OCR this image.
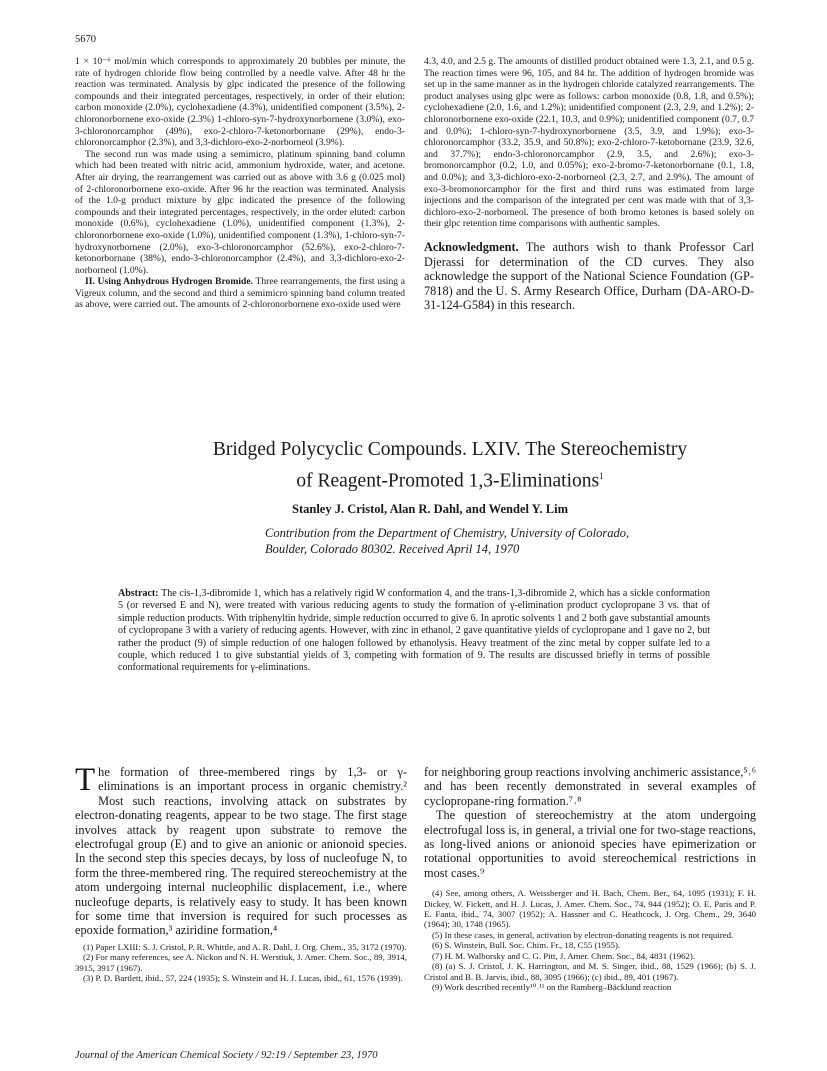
5670

1 × 10⁻⁶ mol/min which corresponds to approximately 20 bubbles per minute, the rate of hydrogen chloride flow being controlled by a needle valve. After 48 hr the reaction was terminated. Analysis by glpc indicated the presence of the following compounds and their integrated percentages, respectively, in order of their elution: carbon monoxide (2.0%), cyclohexadiene (4.3%), unidentified component (3.5%), 2-chloronorbornene exo-oxide (2.3%) 1-chloro-syn-7-hydroxynorbornene (3.0%), exo-3-chloronorcamphor (49%), exo-2-chloro-7-ketonorbornane (29%), endo-3-chloronorcamphor (2.3%), and 3,3-dichloro-exo-2-norborneol (3.9%).

The second run was made using a semimicro, platinum spinning band column which had been treated with nitric acid, ammonium hydroxide, water, and acetone. After air drying, the rearrangement was carried out as above with 3.6 g (0.025 mol) of 2-chloronorbornene exo-oxide. After 96 hr the reaction was terminated. Analysis of the 1.0-g product mixture by glpc indicated the presence of the following compounds and their integrated percentages, respectively, in the order eluted: carbon monoxide (0.6%), cyclohexadiene (1.0%), unidentified component (1.3%), 2-chloronorbornene exo-oxide (1.0%), unidentified component (1.3%), 1-chloro-syn-7-hydroxynorbornene (2.0%), exo-3-chloronorcamphor (52.6%), exo-2-chloro-7-ketonorbornane (38%), endo-3-chloronorcamphor (2.4%), and 3,3-dichloro-exo-2-norborneol (1.0%).

II. Using Anhydrous Hydrogen Bromide. Three rearrangements, the first using a Vigreux column, and the second and third a semimicro spinning band column treated as above, were carried out. The amounts of 2-chloronorbornene exo-oxide used were

4.3, 4.0, and 2.5 g. The amounts of distilled product obtained were 1.3, 2.1, and 0.5 g. The reaction times were 96, 105, and 84 hr. The addition of hydrogen bromide was set up in the same manner as in the hydrogen chloride catalyzed rearrangements. The product analyses using glpc were as follows: carbon monoxide (0.8, 1.8, and 0.5%); cyclohexadiene (2.0, 1.6, and 1.2%); unidentified component (2.3, 2.9, and 1.2%); 2-chloronorbornene exo-oxide (22.1, 10.3, and 0.9%); unidentified component (0.7, 0.7 and 0.0%); 1-chloro-syn-7-hydroxynorbornene (3.5, 3.9, and 1.9%); exo-3-chloronorcamphor (33.2, 35.9, and 50.8%); exo-2-chloro-7-ketobornane (23.9, 32.6, and 37.7%); endo-3-chloronorcamphor (2.9, 3.5, and 2.6%); exo-3-bromonorcamphor (0.2, 1.0, and 0.05%); exo-2-bromo-7-ketonorbornane (0.1, 1.8, and 0.0%); and 3,3-dichloro-exo-2-norborneol (2.3, 2.7, and 2.9%). The amount of exo-3-bromonorcamphor for the first and third runs was estimated from large injections and the comparison of the integrated per cent was made with that of 3,3-dichloro-exo-2-norborneol. The presence of both bromo ketones is based solely on their glpc retention time comparisons with authentic samples.

Acknowledgment. The authors wish to thank Professor Carl Djerassi for determination of the CD curves. They also acknowledge the support of the National Science Foundation (GP-7818) and the U. S. Army Research Office, Durham (DA-ARO-D-31-124-G584) in this research.

Bridged Polycyclic Compounds. LXIV. The Stereochemistry
of Reagent-Promoted 1,3-Eliminations$^1$
Stanley J. Cristol, Alan R. Dahl, and Wendel Y. Lim
Contribution from the Department of Chemistry, University of Colorado,
Boulder, Colorado 80302. Received April 14, 1970
Abstract: The cis-1,3-dibromide 1, which has a relatively rigid W conformation 4, and the trans-1,3-dibromide 2, which has a sickle conformation 5 (or reversed E and N), were treated with various reducing agents to study the formation of γ-elimination product cyclopropane 3 vs. that of simple reduction products. With triphenyltin hydride, simple reduction occurred to give 6. In aprotic solvents 1 and 2 both gave substantial amounts of cyclopropane 3 with a variety of reducing agents. However, with zinc in ethanol, 2 gave quantitative yields of cyclopropane and 1 gave no 2, but rather the product (9) of simple reduction of one halogen followed by ethanolysis. Heavy treatment of the zinc metal by copper sulfate led to a couple, which reduced 1 to give substantial yields of 3, competing with formation of 9. The results are discussed briefly in terms of possible conformational requirements for γ-eliminations.

The formation of three-membered rings by 1,3- or γ-eliminations is an important process in organic chemistry.² Most such reactions, involving attack on substrates by electron-donating reagents, appear to be two stage. The first stage involves attack by reagent upon substrate to remove the electrofugal group (E) and to give an anionic or anionoid species. In the second step this species decays, by loss of nucleofuge N, to form the three-membered ring. The required stereochemistry at the atom undergoing internal nucleophilic displacement, i.e., where nucleofuge departs, is relatively easy to study. It has been known for some time that inversion is required for such processes as epoxide formation,³ aziridine formation,⁴

(1) Paper LXIII: S. J. Cristol, P. R. Whittle, and A. R. Dahl, J. Org. Chem., 35, 3172 (1970).

(2) For many references, see A. Nickon and N. H. Werstiuk, J. Amer. Chem. Soc., 89, 3914, 3915, 3917 (1967).

(3) P. D. Bartlett, ibid., 57, 224 (1935); S. Winstein and H. J. Lucas, ibid., 61, 1576 (1939).

for neighboring group reactions involving anchimeric assistance,⁵˒⁶ and has been recently demonstrated in several examples of cyclopropane-ring formation.⁷˒⁸

The question of stereochemistry at the atom undergoing electrofugal loss is, in general, a trivial one for two-stage reactions, as long-lived anions or anionoid species have epimerization or rotational opportunities to avoid stereochemical restrictions in most cases.⁹

(4) See, among others, A. Weissberger and H. Bach, Chem. Ber., 64, 1095 (1931); F. H. Dickey, W. Fickett, and H. J. Lucas, J. Amer. Chem. Soc., 74, 944 (1952); O. E. Paris and P. E. Fanta, ibid., 74, 3007 (1952); A. Hassner and C. Heathcock, J. Org. Chem., 29, 3640 (1964); 30, 1748 (1965).

(5) In these cases, in general, activation by electron-donating reagents is not required.

(6) S. Winstein, Bull. Soc. Chim. Fr., 18, C55 (1955).

(7) H. M. Walborsky and C. G. Pitt, J. Amer. Chem. Soc., 84, 4831 (1962).

(8) (a) S. J. Cristol, J. K. Harrington, and M. S. Singer, ibid., 88, 1529 (1966); (b) S. J. Cristol and B. B. Jarvis, ibid., 88, 3095 (1966); (c) ibid., 89, 401 (1967).

(9) Work described recently¹⁰˒¹¹ on the Ramberg–Bäcklund reaction

Journal of the American Chemical Society / 92:19 / September 23, 1970
